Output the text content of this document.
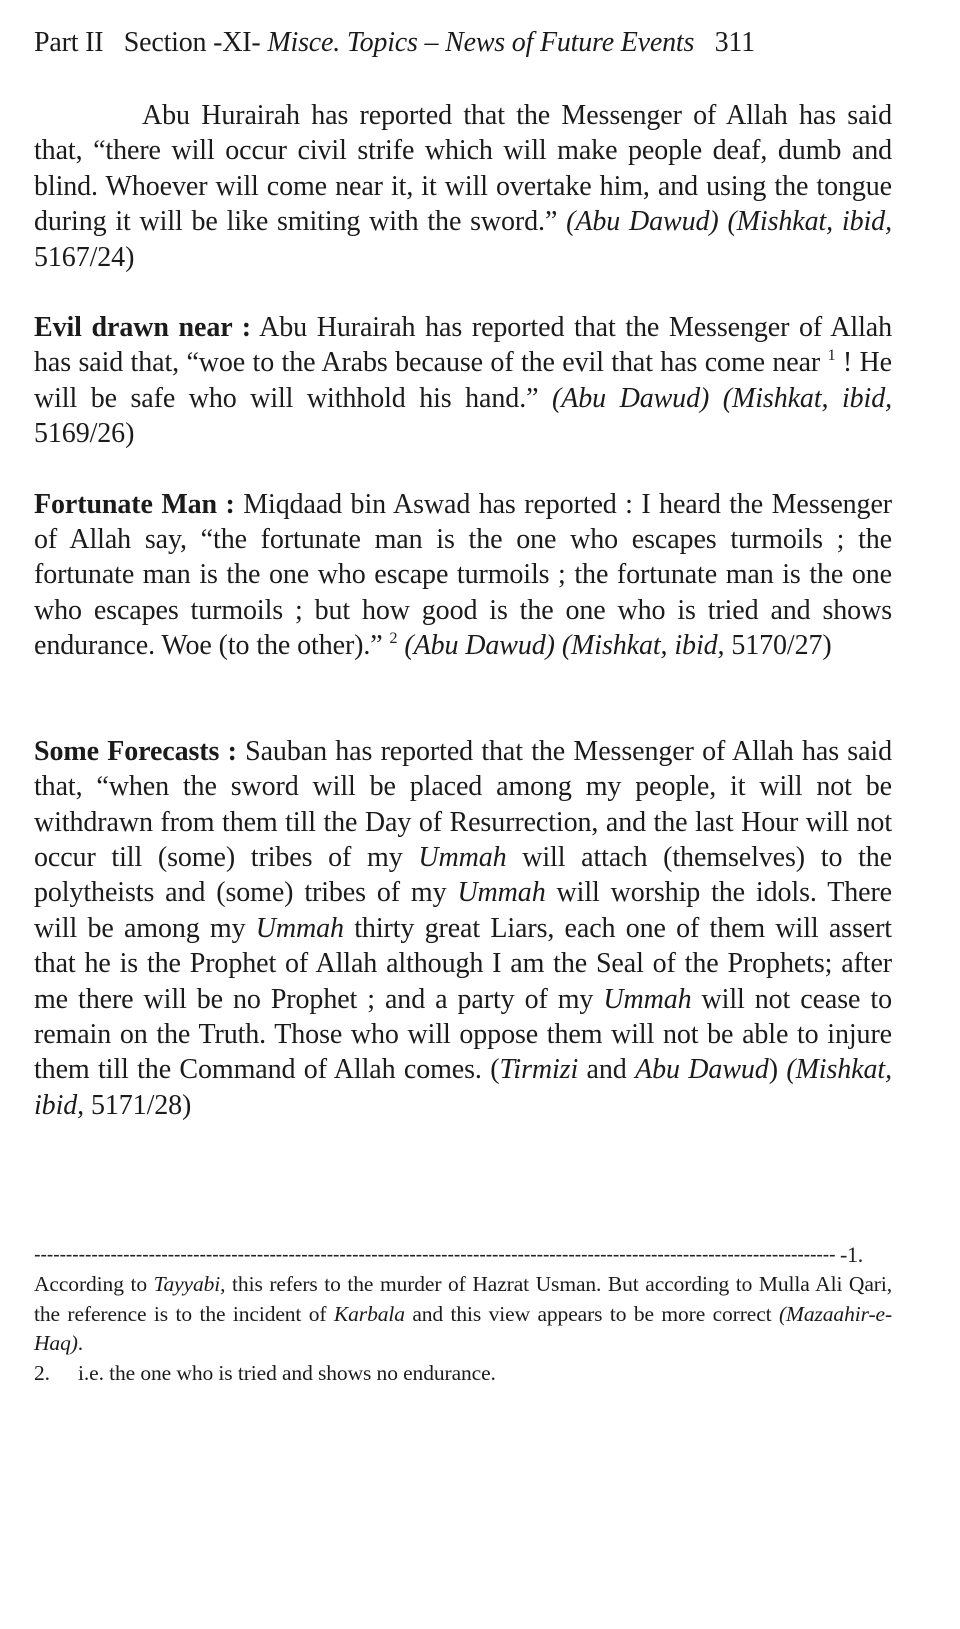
Part II Section -XI- Misce. Topics – News of Future Events 311

Abu Hurairah has reported that the Messenger of Allah has said that, “there will occur civil strife which will make people deaf, dumb and blind. Whoever will come near it, it will overtake him, and using the tongue during it will be like smiting with the sword.” (Abu Dawud) (Mishkat, ibid, 5167/24)

Evil drawn near : Abu Hurairah has reported that the Messenger of Allah has said that, “woe to the Arabs because of the evil that has come near $^1$ ! He will be safe who will withhold his hand.” (Abu Dawud) (Mishkat, ibid, 5169/26)

Fortunate Man : Miqdaad bin Aswad has reported : I heard the Messenger of Allah say, “the fortunate man is the one who escapes turmoils ; the fortunate man is the one who escape turmoils ; the fortunate man is the one who escapes turmoils ; but how good is the one who is tried and shows endurance. Woe (to the other).” $^2$ (Abu Dawud) (Mishkat, ibid, 5170/27)

Some Forecasts : Sauban has reported that the Messenger of Allah has said that, “when the sword will be placed among my people, it will not be withdrawn from them till the Day of Resurrection, and the last Hour will not occur till (some) tribes of my Ummah will attach (themselves) to the polytheists and (some) tribes of my Ummah will worship the idols. There will be among my Ummah thirty great Liars, each one of them will assert that he is the Prophet of Allah although I am the Seal of the Prophets; after me there will be no Prophet ; and a party of my Ummah will not cease to remain on the Truth. Those who will oppose them will not be able to injure them till the Command of Allah comes. (Tirmizi and Abu Dawud) (Mishkat, ibid, 5171/28)

------------------------------------------------------------------------------------------------------------------------------ -1.

According to Tayyabi, this refers to the murder of Hazrat Usman. But according to Mulla Ali Qari, the reference is to the incident of Karbala and this view appears to be more correct (Mazaahir-e-Haq).

2. i.e. the one who is tried and shows no endurance.
